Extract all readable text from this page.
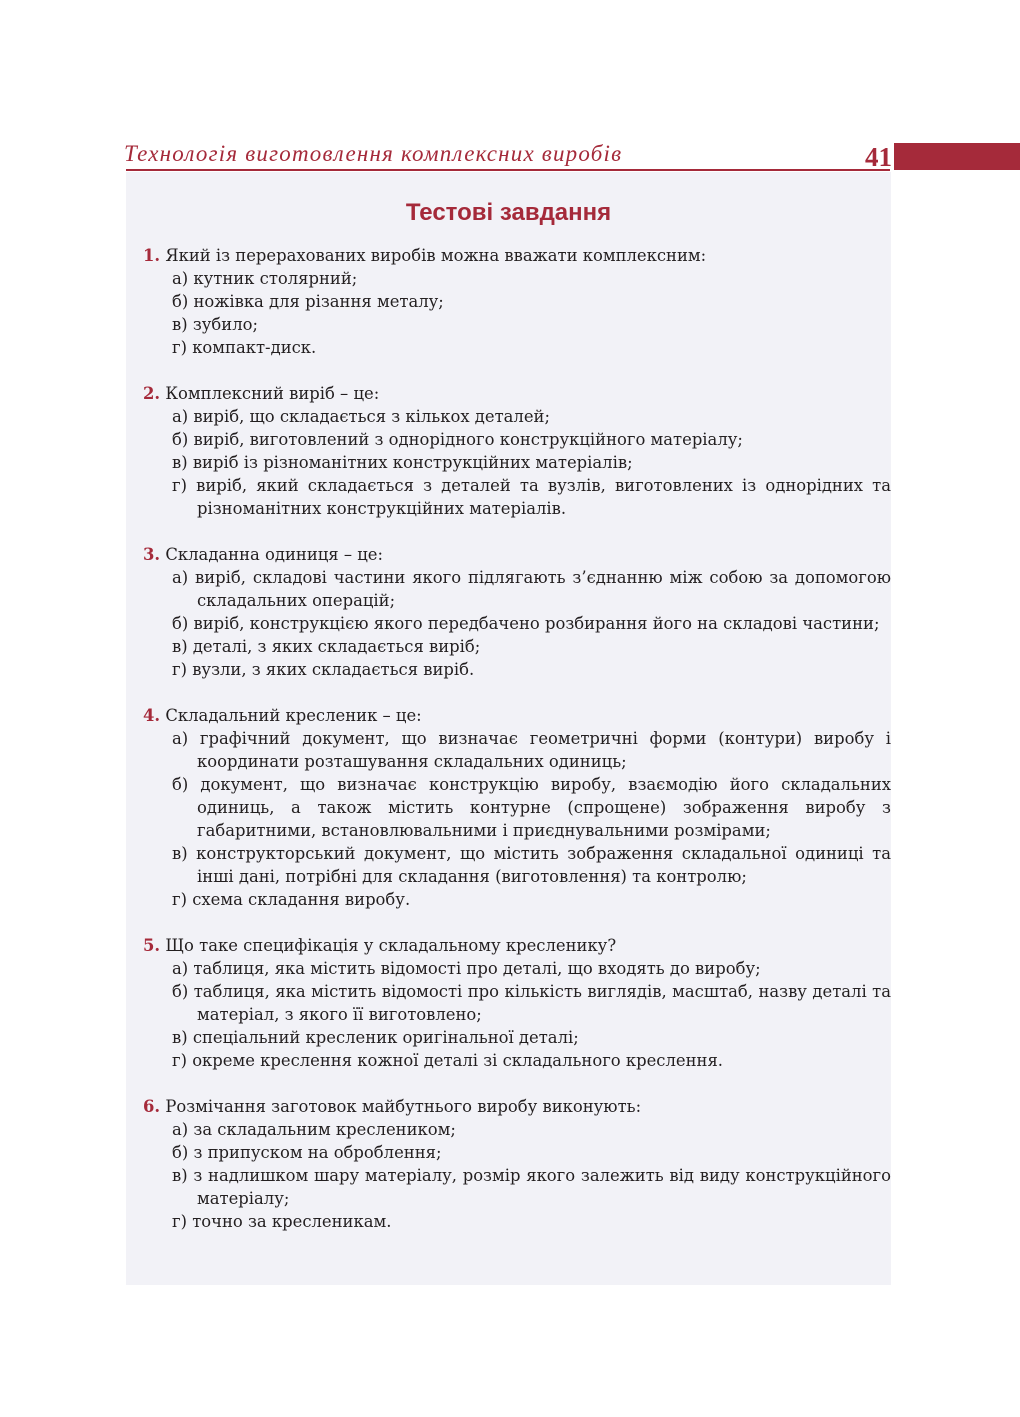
Технологія виготовлення комплексних виробів	41
Тестові завдання
1. Який із перерахованих виробів можна вважати комплексним:
а) кутник столярний;
б) ножівка для різання металу;
в) зубило;
г) компакт-диск.
2. Комплексний виріб – це:
а) виріб, що складається з кількох деталей;
б) виріб, виготовлений з однорідного конструкційного матеріалу;
в) виріб із різноманітних конструкційних матеріалів;
г) виріб, який складається з деталей та вузлів, виготовлених із однорідних та різноманітних конструкційних матеріалів.
3. Складанна одиниця – це:
а) виріб, складові частини якого підлягають з’єднанню між собою за допомогою складальних операцій;
б) виріб, конструкцією якого передбачено розбирання його на складові частини;
в) деталі, з яких складається виріб;
г) вузли, з яких складається виріб.
4. Складальний кресленик – це:
а) графічний документ, що визначає геометричні форми (контури) виробу і координати розташування складальних одиниць;
б) документ, що визначає конструкцію виробу, взаємодію його складальних одиниць, а також містить контурне (спрощене) зображення виробу з габаритними, встановлювальними і приєднувальними розмірами;
в) конструкторський документ, що містить зображення складальної одиниці та інші дані, потрібні для складання (виготовлення) та контролю;
г) схема складання виробу.
5. Що таке специфікація у складальному кресленику?
а) таблиця, яка містить відомості про деталі, що входять до виробу;
б) таблиця, яка містить відомості про кількість виглядів, масштаб, назву деталі та матеріал, з якого її виготовлено;
в) спеціальний кресленик оригінальної деталі;
г) окреме креслення кожної деталі зі складального креслення.
6. Розмічання заготовок майбутнього виробу виконують:
а) за складальним креслеником;
б) з припуском на оброблення;
в) з надлишком шару матеріалу, розмір якого залежить від виду конструкційного матеріалу;
г) точно за кресленикам.
